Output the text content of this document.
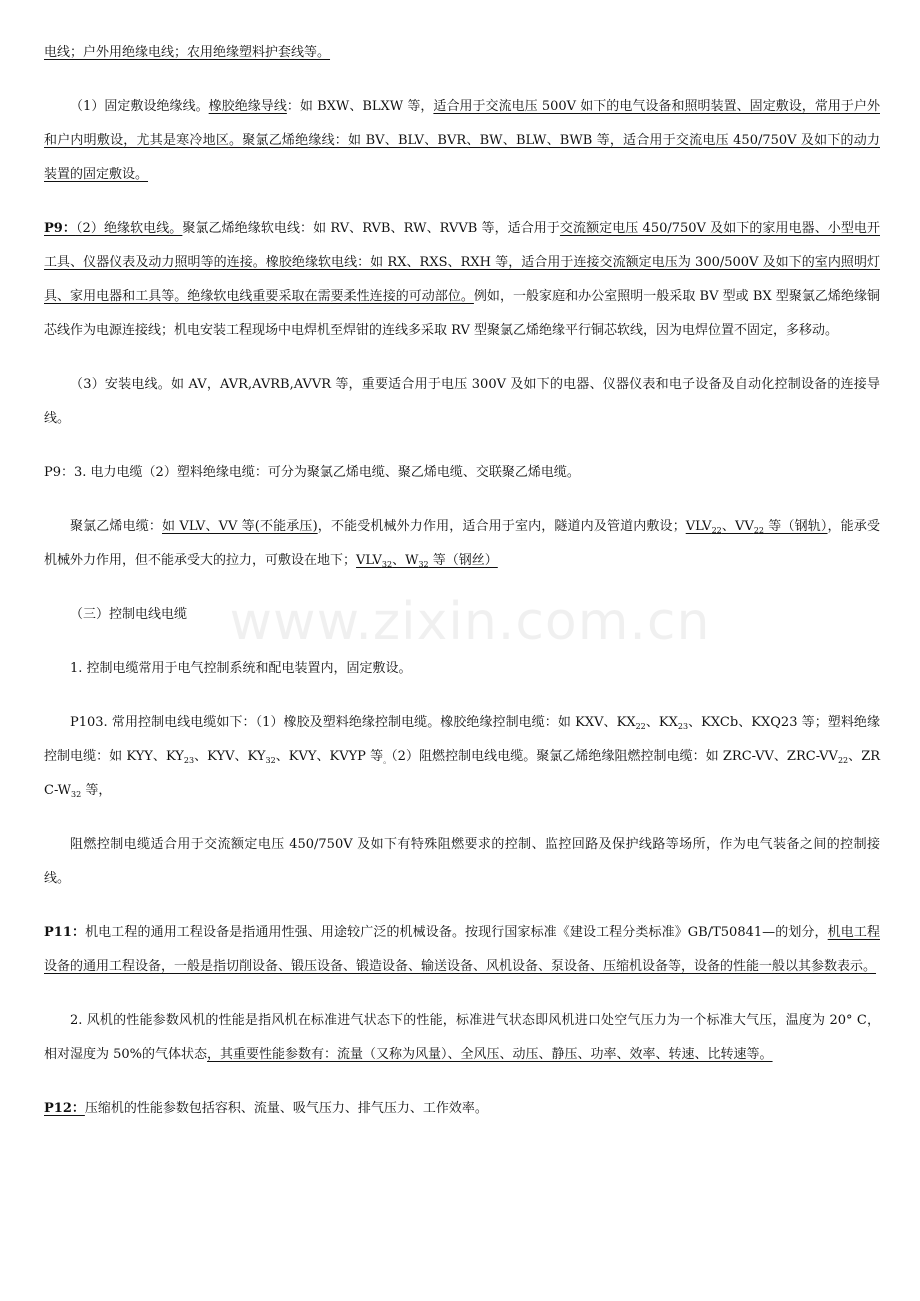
www.zixin.com.cn

电线；户外用绝缘电线；农用绝缘塑料护套线等。

（1）固定敷设绝缘线。橡胶绝缘导线：如 BXW、BLXW 等，适合用于交流电压 500V 如下的电气设备和照明装置、固定敷设，常用于户外和户内明敷设，尤其是寒冷地区。聚氯乙烯绝缘线：如 BV、BLV、BVR、BW、BLW、BWB 等，适合用于交流电压 450/750V 及如下的动力装置的固定敷设。

P9：（2）绝缘软电线。聚氯乙烯绝缘软电线：如 RV、RVB、RW、RVVB 等，适合用于交流额定电压 450/750V 及如下的家用电器、小型电开工具、仪器仪表及动力照明等的连接。橡胶绝缘软电线：如 RX、RXS、RXH 等，适合用于连接交流额定电压为 300/500V 及如下的室内照明灯具、家用电器和工具等。绝缘软电线重要采取在需要柔性连接的可动部位。例如，一般家庭和办公室照明一般采取 BV 型或 BX 型聚氯乙烯绝缘铜芯线作为电源连接线；机电安装工程现场中电焊机至焊钳的连线多采取 RV 型聚氯乙烯绝缘平行铜芯软线，因为电焊位置不固定，多移动。

（3）安装电线。如 AV，AVR,AVRB,AVVR 等，重要适合用于电压 300V 及如下的电器、仪器仪表和电子设备及自动化控制设备的连接导线。

P9：3. 电力电缆（2）塑料绝缘电缆：可分为聚氯乙烯电缆、聚乙烯电缆、交联聚乙烯电缆。

聚氯乙烯电缆：如 VLV、VV 等(不能承压)，不能受机械外力作用，适合用于室内，隧道内及管道内敷设；$VLV_{22}$、$VV_{22}$ 等（钢轨），能承受机械外力作用，但不能承受大的拉力，可敷设在地下；$VLV_{32}$、$W_{32}$ 等（钢丝）

（三）控制电线电缆

1. 控制电缆常用于电气控制系统和配电装置内，固定敷设。

P103. 常用控制电线电缆如下：（1）橡胶及塑料绝缘控制电缆。橡胶绝缘控制电缆：如 KXV、$KX_{22}$、$KX_{23}$、KXCb、KXQ23 等；塑料绝缘控制电缆：如 KYY、$KY_{23}$、KYV、$KY_{32}$、KVY、KVYP 等$_。$（2）阻燃控制电线电缆。聚氯乙烯绝缘阻燃控制电缆：如 ZRC-VV、ZRC-$VV_{22}$、ZRC-$W_{32}$ 等，

阻燃控制电缆适合用于交流额定电压 450/750V 及如下有特殊阻燃要求的控制、监控回路及保护线路等场所，作为电气装备之间的控制接线。

P11：机电工程的通用工程设备是指通用性强、用途较广泛的机械设备。按现行国家标准《建设工程分类标准》GB/T50841—的划分，机电工程设备的通用工程设备，一般是指切削设备、锻压设备、锻造设备、输送设备、风机设备、泵设备、压缩机设备等，设备的性能一般以其参数表示。

2. 风机的性能参数风机的性能是指风机在标准进气状态下的性能，标准进气状态即风机进口处空气压力为一个标准大气压，温度为 20° C，相对湿度为 50%的气体状态，其重要性能参数有：流量（又称为风量）、全风压、动压、静压、功率、效率、转速、比转速等。

P12：压缩机的性能参数包括容积、流量、吸气压力、排气压力、工作效率。
